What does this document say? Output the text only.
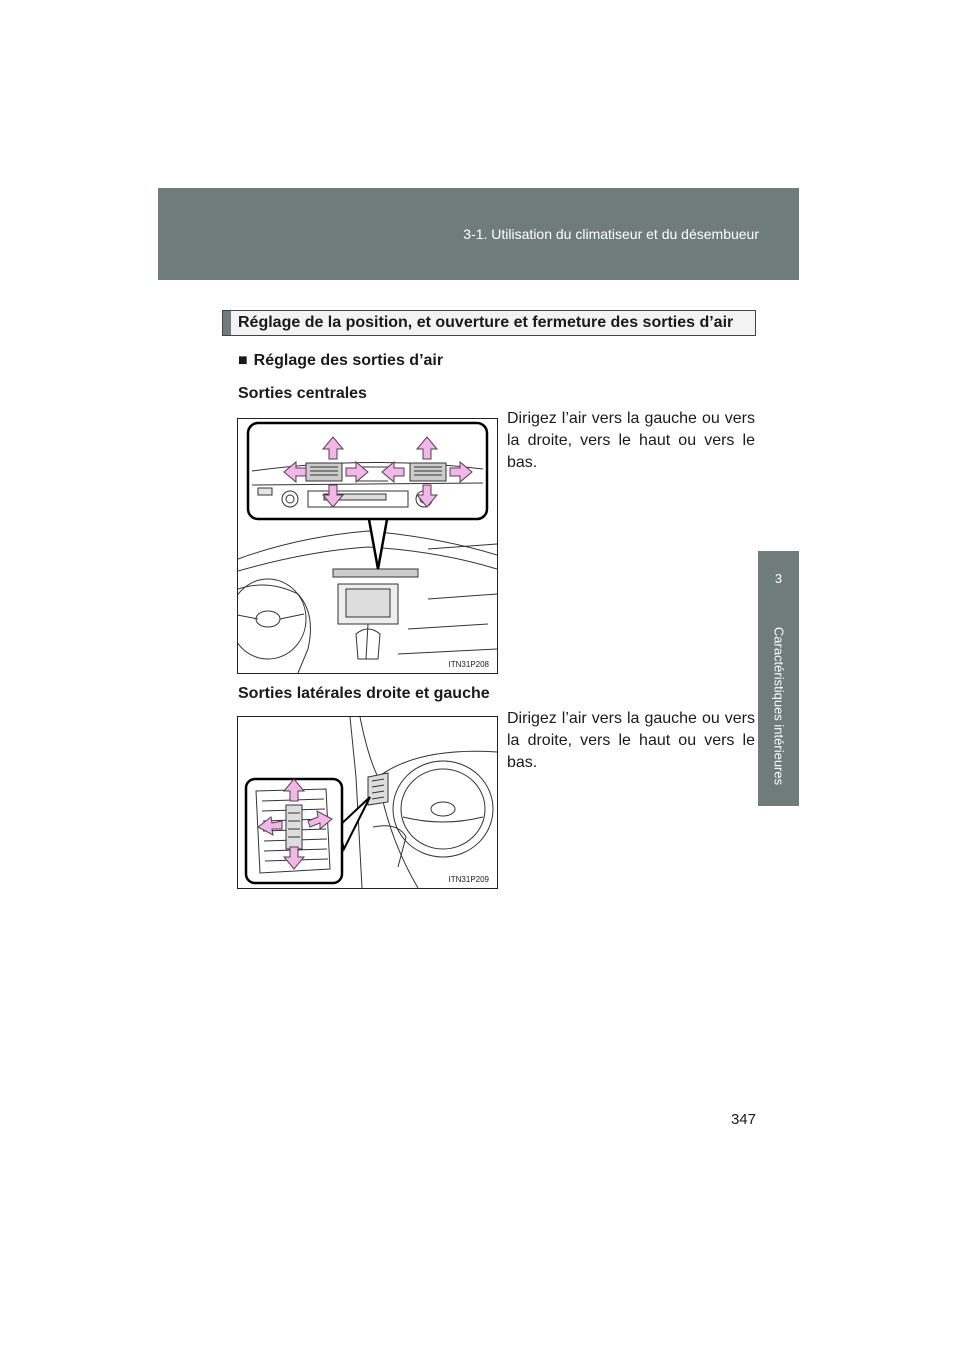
3-1. Utilisation du climatiseur et du désembueur
3
Caractéristiques intérieures
Réglage de la position, et ouverture et fermeture des sorties d’air
■ Réglage des sorties d’air
Sorties centrales
Dirigez l’air vers la gauche ou vers la droite, vers le haut ou vers le bas.
ITN31P208
Sorties latérales droite et gauche
Dirigez l’air vers la gauche ou vers la droite, vers le haut ou vers le bas.
ITN31P209
347
